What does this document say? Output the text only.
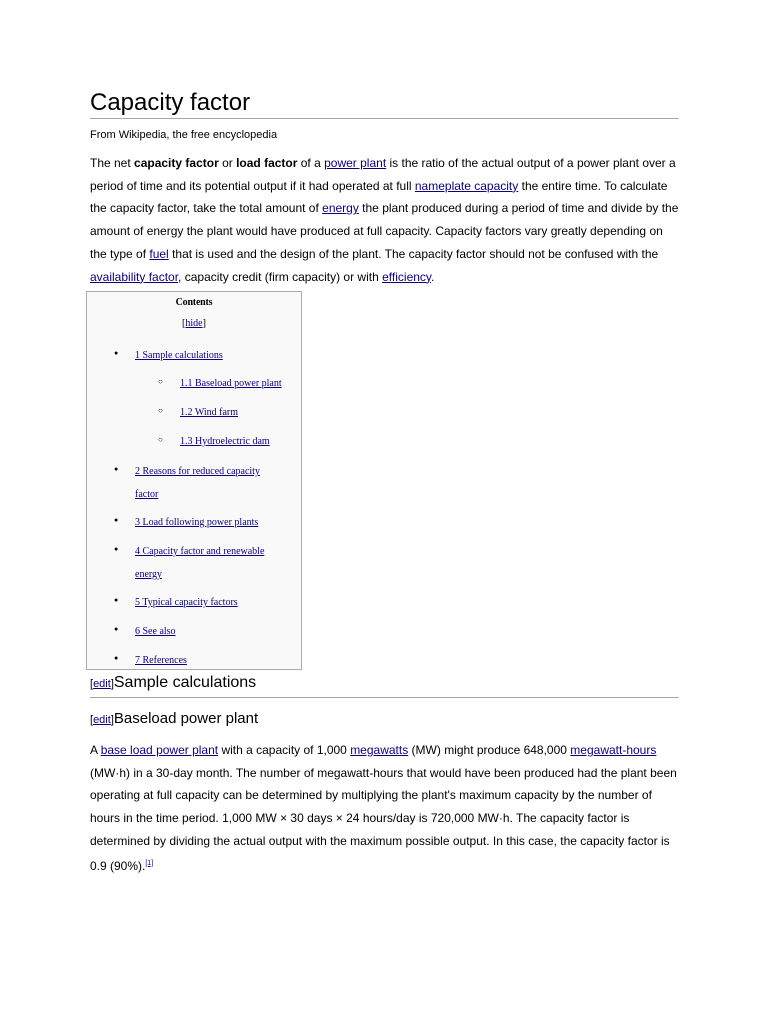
Capacity factor
From Wikipedia, the free encyclopedia

The net capacity factor or load factor of a power plant is the ratio of the actual output of a power plant over a period of time and its potential output if it had operated at full nameplate capacity the entire time. To calculate the capacity factor, take the total amount of energy the plant produced during a period of time and divide by the amount of energy the plant would have produced at full capacity. Capacity factors vary greatly depending on the type of fuel that is used and the design of the plant. The capacity factor should not be confused with the availability factor, capacity credit (firm capacity) or with efficiency.

[edit]Sample calculations
[edit]Baseload power plant

A base load power plant with a capacity of 1,000 megawatts (MW) might produce 648,000 megawatt-hours (MW·h) in a 30-day month. The number of megawatt-hours that would have been produced had the plant been operating at full capacity can be determined by multiplying the plant's maximum capacity by the number of hours in the time period. 1,000 MW × 30 days × 24 hours/day is 720,000 MW·h. The capacity factor is determined by dividing the actual output with the maximum possible output. In this case, the capacity factor is 0.9 (90%).[1]

Contents
[hide]
● 1 Sample calculations
○ 1.1 Baseload power plant
○ 1.2 Wind farm
○ 1.3 Hydroelectric dam
● 2 Reasons for reduced capacity
factor
● 3 Load following power plants
● 4 Capacity factor and renewable
energy
● 5 Typical capacity factors
● 6 See also
● 7 References
